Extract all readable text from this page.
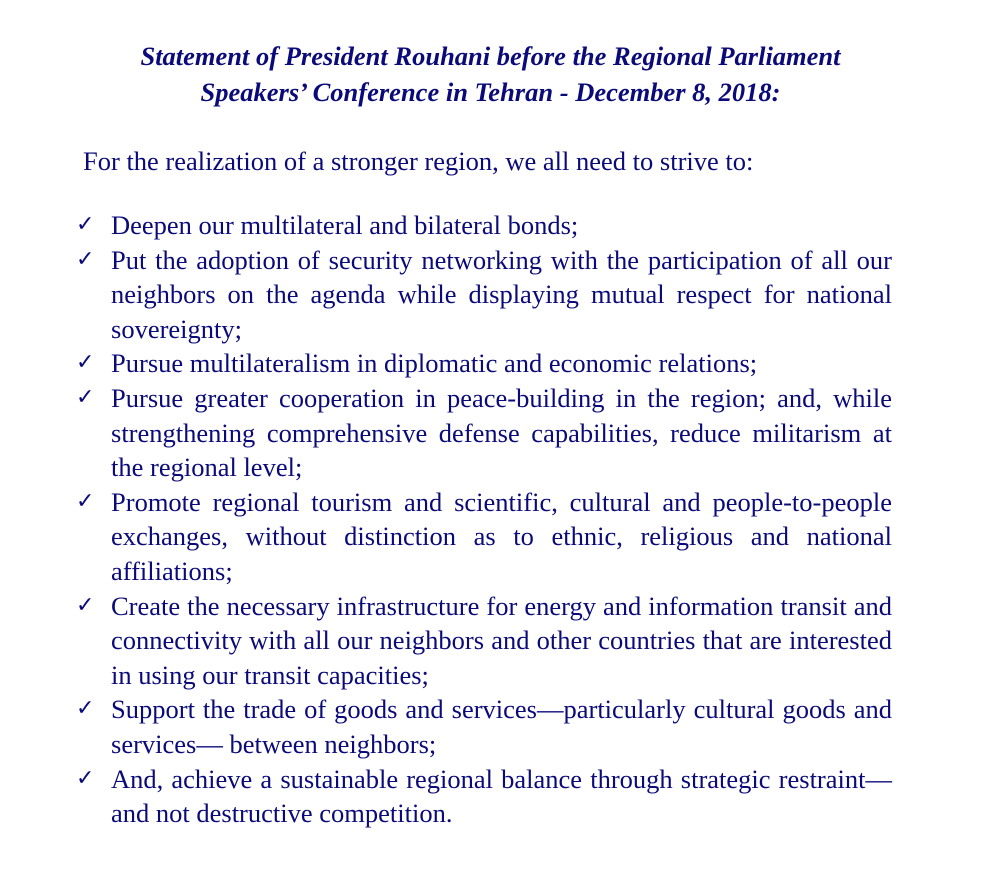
Statement of President Rouhani before the Regional Parliament
Speakers’ Conference in Tehran - December 8, 2018:
For the realization of a stronger region, we all need to strive to:
✓ Deepen our multilateral and bilateral bonds;
✓ Put the adoption of security networking with the participation of all our neighbors on the agenda while displaying mutual respect for national sovereignty;
✓ Pursue multilateralism in diplomatic and economic relations;
✓ Pursue greater cooperation in peace-building in the region; and, while strengthening comprehensive defense capabilities, reduce militarism at the regional level;
✓ Promote regional tourism and scientific, cultural and people-to-people exchanges, without distinction as to ethnic, religious and national affiliations;
✓ Create the necessary infrastructure for energy and information transit and connectivity with all our neighbors and other countries that are interested in using our transit capacities;
✓ Support the trade of goods and services—particularly cultural goods and services— between neighbors;
✓ And, achieve a sustainable regional balance through strategic restraint—and not destructive competition.
